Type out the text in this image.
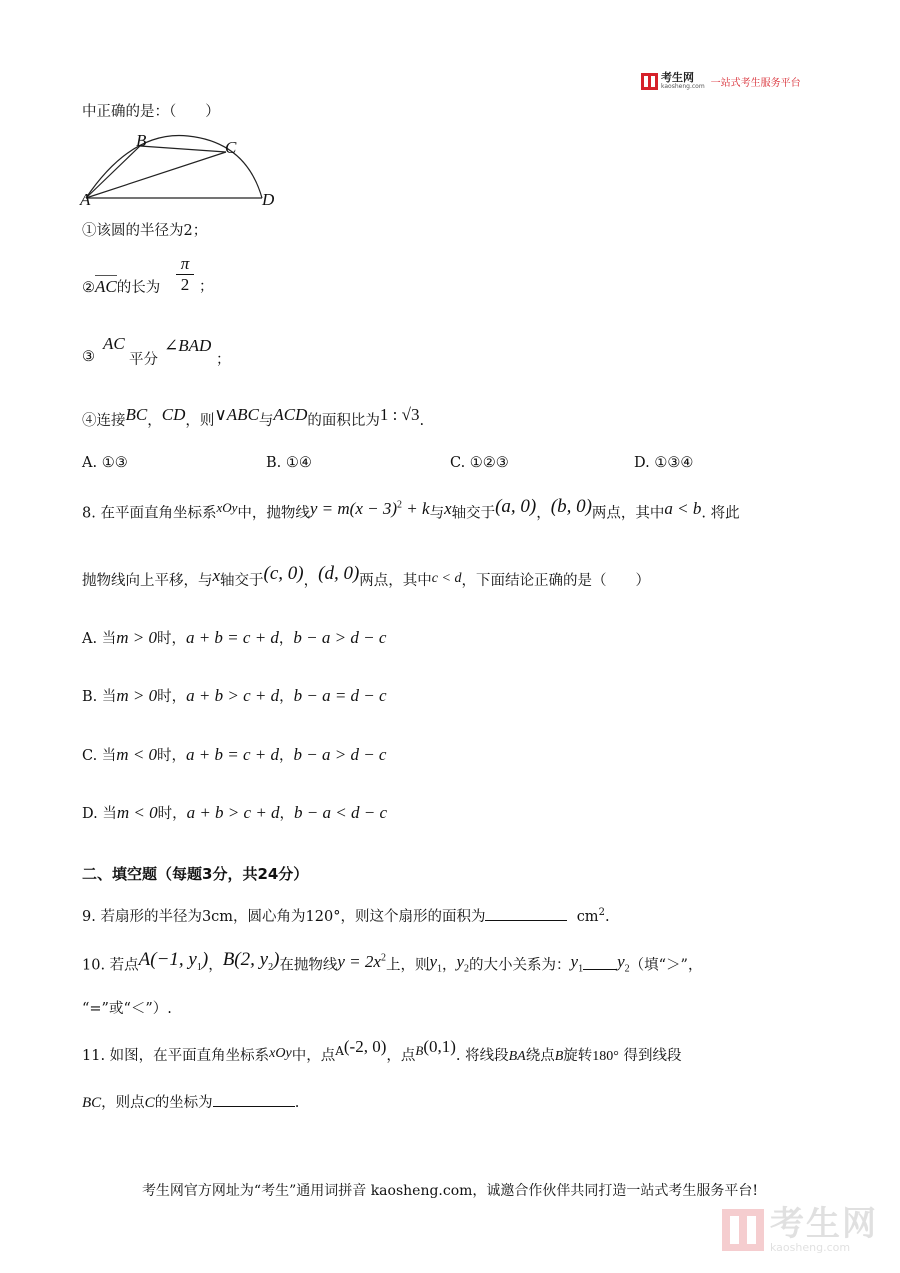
考生网
kaosheng.com 一站式考生服务平台
中正确的是：（　　）
A
B	C
D
①该圆的半径为2；
②AC的长为
π
2 ；
③
AC
平分
∠BAD
；
④连接BC，CD，则∨ABC与ACD的面积比为1 : √3.
A. ①③	B. ①④	C. ①②③	D. ①③④
8. 在平面直角坐标系xOy中，抛物线$y = m(x - 3)^2 + k$与x轴交于(a, 0)，(b, 0)两点，其中a < b. 将此
抛物线向上平移，与x轴交于(c, 0)，(d, 0)两点，其中c < d，下面结论正确的是（　　）
A. 当m > 0时，a + b = c + d，b − a > d − c
B. 当m > 0时，a + b > c + d，b − a = d − c
C. 当m < 0时，a + b = c + d，b − a > d − c
D. 当m < 0时，a + b > c + d，b − a < d − c
二、填空题（每题3分，共24分）
9. 若扇形的半径为3cm，圆心角为120°，则这个扇形的面积为	$cm^2$.
10. 若点A(−1, $y_1$)，B(2, $y_2$)在抛物线$y = 2x^2$上，则$y_1$，$y_2$的大小关系为：$y_1$ $y_2$（填“＞”，
“=”或“＜”）.
11. 如图，在平面直角坐标系xOy中，点$^A$(-2, 0)，点B(0,1). 将线段BA绕点B旋转180° 得到线段
BC，则点C的坐标为	.
考生网官方网址为“考生”通用词拼音 kaosheng.com，诚邀合作伙伴共同打造一站式考生服务平台!
考生网
kaosheng.com
